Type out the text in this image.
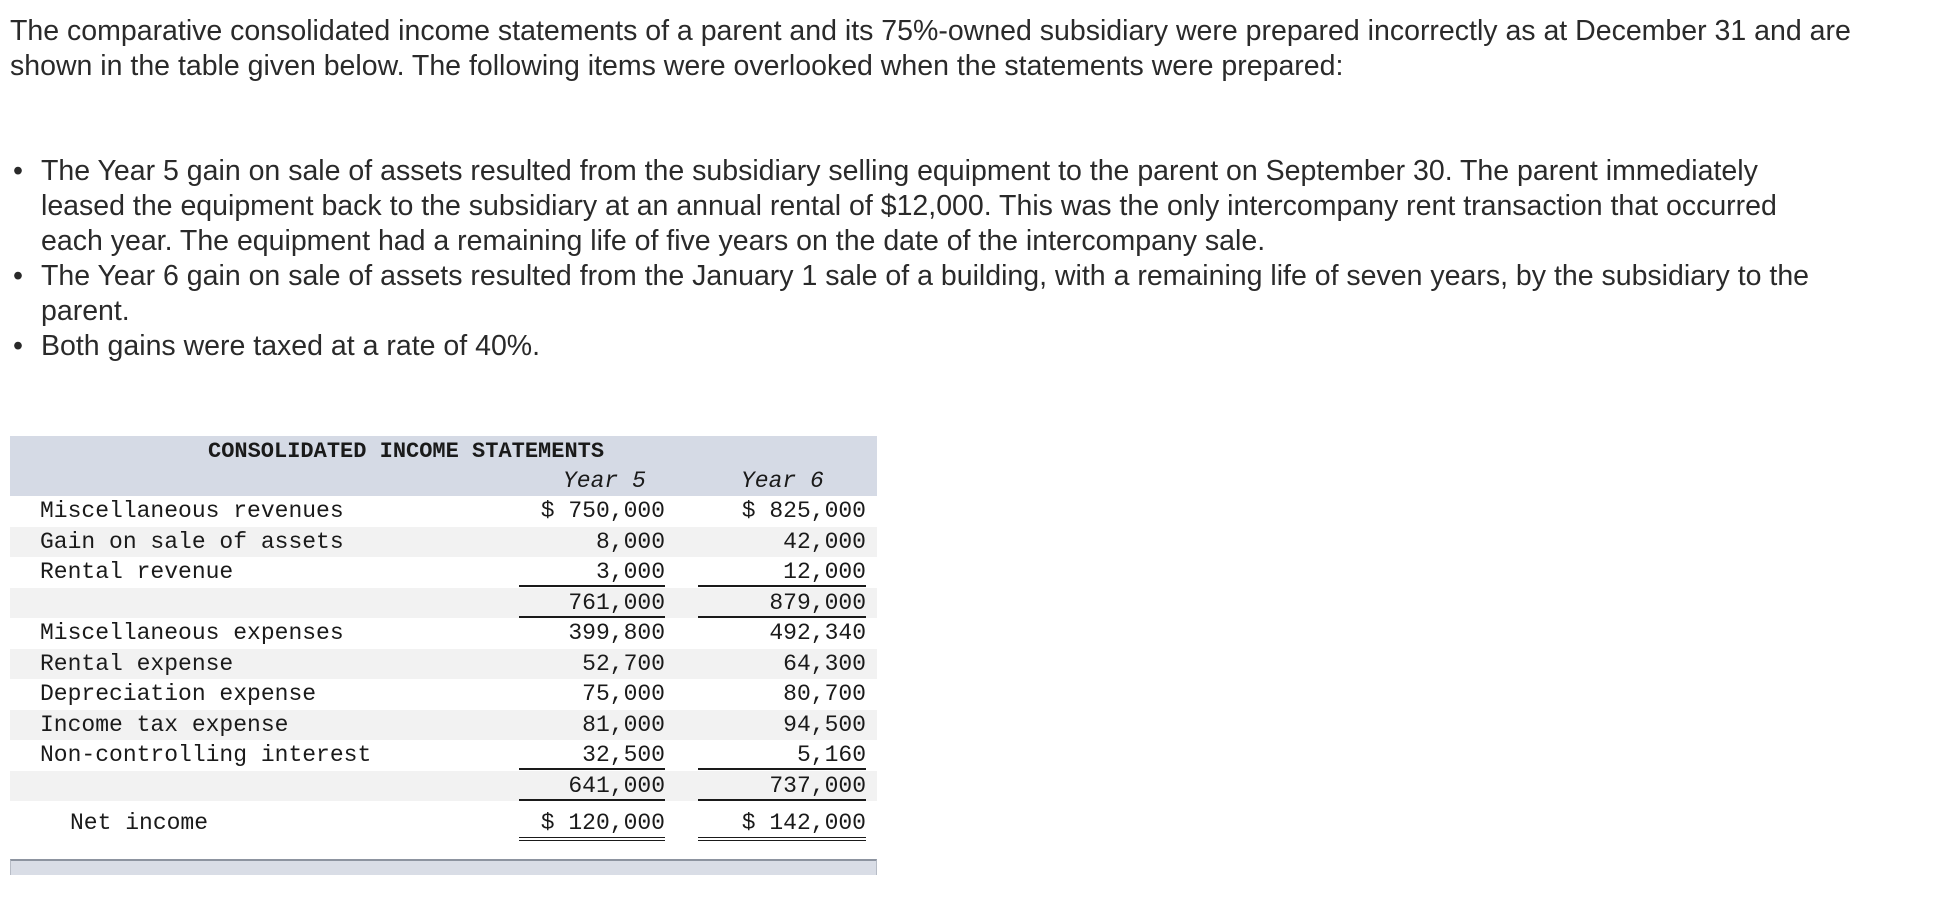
The comparative consolidated income statements of a parent and its 75%-owned subsidiary were prepared incorrectly as at December 31 and are shown in the table given below. The following items were overlooked when the statements were prepared:

• The Year 5 gain on sale of assets resulted from the subsidiary selling equipment to the parent on September 30. The parent immediately leased the equipment back to the subsidiary at an annual rental of $12,000. This was the only intercompany rent transaction that occurred each year. The equipment had a remaining life of five years on the date of the intercompany sale.
• The Year 6 gain on sale of assets resulted from the January 1 sale of a building, with a remaining life of seven years, by the subsidiary to the parent.
• Both gains were taxed at a rate of 40%.
CONSOLIDATED INCOME STATEMENTS
Year 5	Year 6
Miscellaneous revenues	$ 750,000	$ 825,000
Gain on sale of assets	8,000	42,000
Rental revenue	3,000	12,000
761,000	879,000
Miscellaneous expenses	399,800	492,340
Rental expense	52,700	64,300
Depreciation expense	75,000	80,700
Income tax expense	81,000	94,500
Non-controlling interest	32,500	5,160
641,000	737,000
Net income	$ 120,000	$ 142,000
